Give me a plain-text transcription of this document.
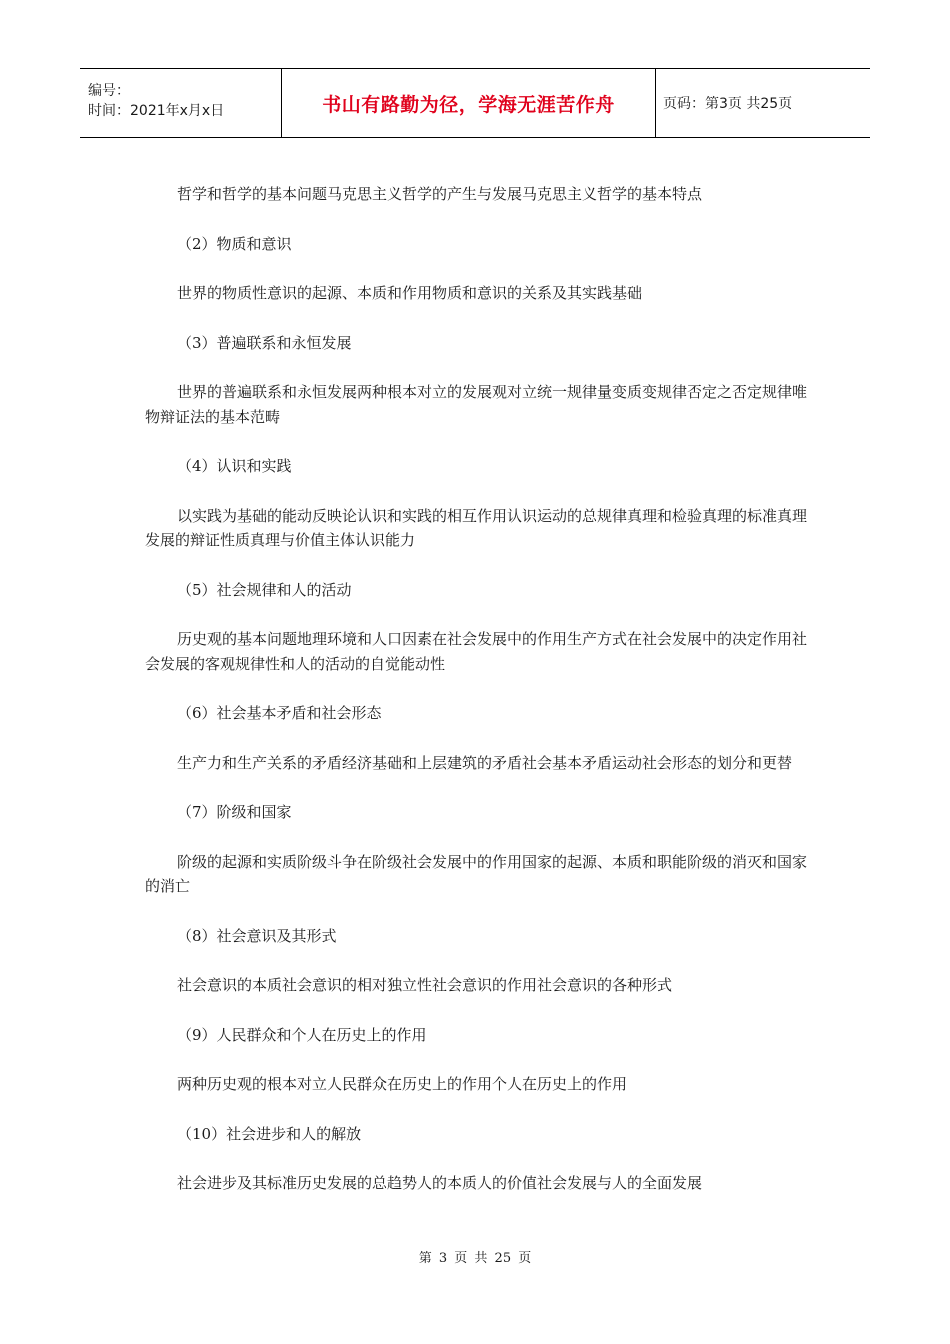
编号：
时间：2021年x月x日	书山有路勤为径，学海无涯苦作舟	页码：第3页 共25页

哲学和哲学的基本问题马克思主义哲学的产生与发展马克思主义哲学的基本特点

（2）物质和意识

世界的物质性意识的起源、本质和作用物质和意识的关系及其实践基础

（3）普遍联系和永恒发展

世界的普遍联系和永恒发展两种根本对立的发展观对立统一规律量变质变规律否定之否定规律唯物辩证法的基本范畴

（4）认识和实践

以实践为基础的能动反映论认识和实践的相互作用认识运动的总规律真理和检验真理的标准真理发展的辩证性质真理与价值主体认识能力

（5）社会规律和人的活动

历史观的基本问题地理环境和人口因素在社会发展中的作用生产方式在社会发展中的决定作用社会发展的客观规律性和人的活动的自觉能动性

（6）社会基本矛盾和社会形态

生产力和生产关系的矛盾经济基础和上层建筑的矛盾社会基本矛盾运动社会形态的划分和更替

（7）阶级和国家

阶级的起源和实质阶级斗争在阶级社会发展中的作用国家的起源、本质和职能阶级的消灭和国家的消亡

（8）社会意识及其形式

社会意识的本质社会意识的相对独立性社会意识的作用社会意识的各种形式

（9）人民群众和个人在历史上的作用

两种历史观的根本对立人民群众在历史上的作用个人在历史上的作用

（10）社会进步和人的解放

社会进步及其标准历史发展的总趋势人的本质人的价值社会发展与人的全面发展

第 3 页 共 25 页
